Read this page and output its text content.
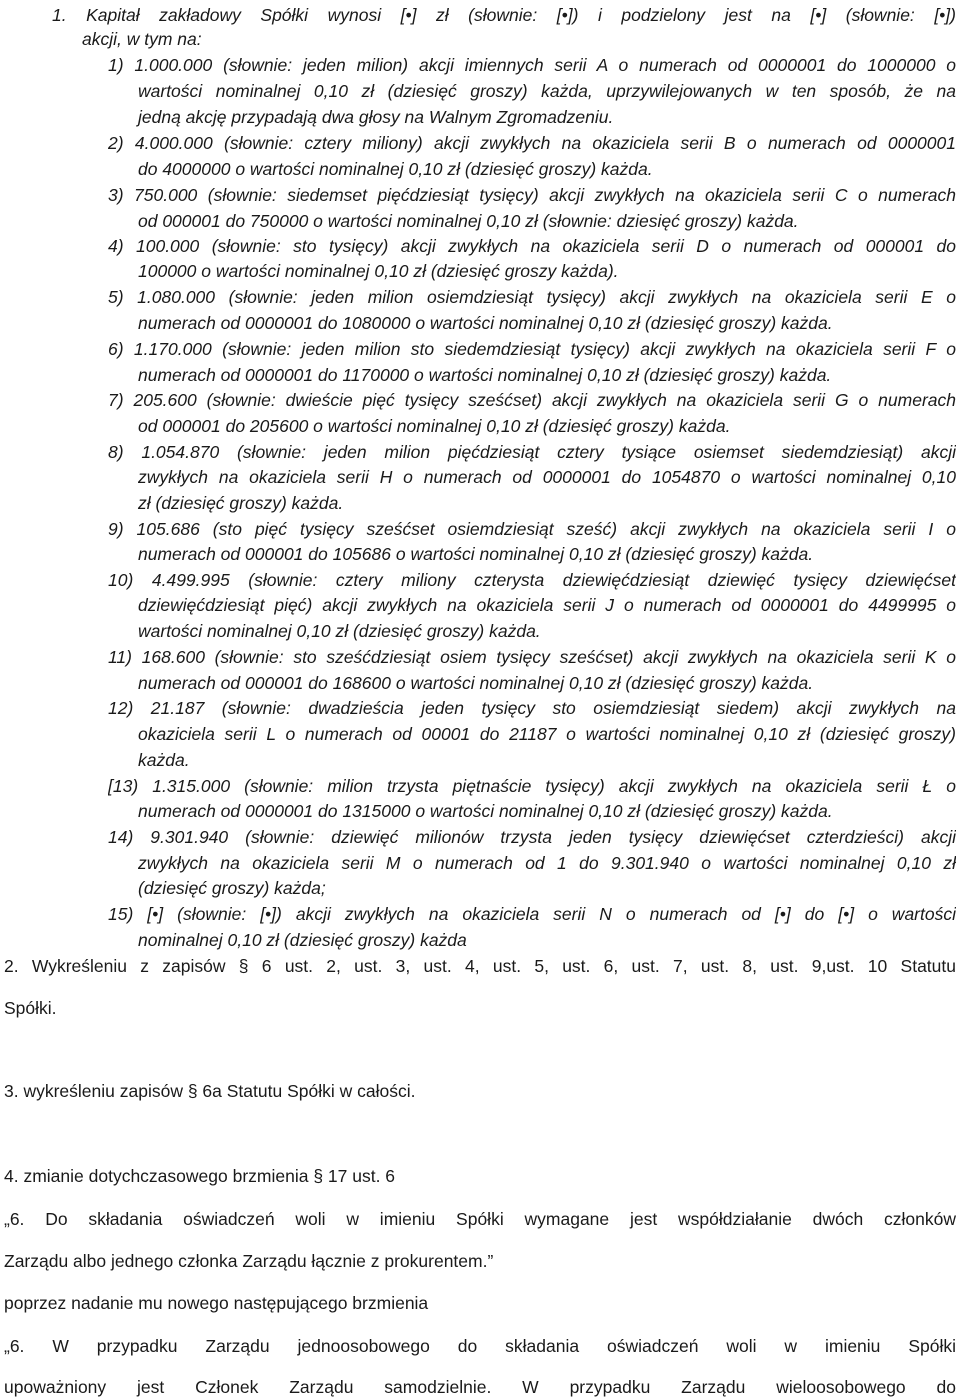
1. Kapitał zakładowy Spółki wynosi [•] zł (słownie: [•]) i podzielony jest na [•] (słownie: [•])
akcji, w tym na:
1) 1.000.000 (słownie: jeden milion) akcji imiennych serii A o numerach od 0000001 do 1000000 o
wartości nominalnej 0,10 zł (dziesięć groszy) każda, uprzywilejowanych w ten sposób, że na
jedną akcję przypadają dwa głosy na Walnym Zgromadzeniu.
2) 4.000.000 (słownie: cztery miliony) akcji zwykłych na okaziciela serii B o numerach od 0000001
do 4000000 o wartości nominalnej 0,10 zł (dziesięć groszy) każda.
3) 750.000 (słownie: siedemset pięćdziesiąt tysięcy) akcji zwykłych na okaziciela serii C o numerach
od 000001 do 750000 o wartości nominalnej 0,10 zł (słownie: dziesięć groszy) każda.
4) 100.000 (słownie: sto tysięcy) akcji zwykłych na okaziciela serii D o numerach od 000001 do
100000 o wartości nominalnej 0,10 zł (dziesięć groszy każda).
5) 1.080.000 (słownie: jeden milion osiemdziesiąt tysięcy) akcji zwykłych na okaziciela serii E o
numerach od 0000001 do 1080000 o wartości nominalnej 0,10 zł (dziesięć groszy) każda.
6) 1.170.000 (słownie: jeden milion sto siedemdziesiąt tysięcy) akcji zwykłych na okaziciela serii F o
numerach od 0000001 do 1170000 o wartości nominalnej 0,10 zł (dziesięć groszy) każda.
7) 205.600 (słownie: dwieście pięć tysięcy sześćset) akcji zwykłych na okaziciela serii G o numerach
od 000001 do 205600 o wartości nominalnej 0,10 zł (dziesięć groszy) każda.
8) 1.054.870 (słownie: jeden milion pięćdziesiąt cztery tysiące osiemset siedemdziesiąt) akcji
zwykłych na okaziciela serii H o numerach od 0000001 do 1054870 o wartości nominalnej 0,10
zł (dziesięć groszy) każda.
9) 105.686 (sto pięć tysięcy sześćset osiemdziesiąt sześć) akcji zwykłych na okaziciela serii I o
numerach od 000001 do 105686 o wartości nominalnej 0,10 zł (dziesięć groszy) każda.
10) 4.499.995 (słownie: cztery miliony czterysta dziewięćdziesiąt dziewięć tysięcy dziewięćset
dziewięćdziesiąt pięć) akcji zwykłych na okaziciela serii J o numerach od 0000001 do 4499995 o
wartości nominalnej 0,10 zł (dziesięć groszy) każda.
11) 168.600 (słownie: sto sześćdziesiąt osiem tysięcy sześćset) akcji zwykłych na okaziciela serii K o
numerach od 000001 do 168600 o wartości nominalnej 0,10 zł (dziesięć groszy) każda.
12) 21.187 (słownie: dwadzieścia jeden tysięcy sto osiemdziesiąt siedem) akcji zwykłych na
okaziciela serii L o numerach od 00001 do 21187 o wartości nominalnej 0,10 zł (dziesięć groszy)
każda.
[13) 1.315.000 (słownie: milion trzysta piętnaście tysięcy) akcji zwykłych na okaziciela serii Ł o
numerach od 0000001 do 1315000 o wartości nominalnej 0,10 zł (dziesięć groszy) każda.
14) 9.301.940 (słownie: dziewięć milionów trzysta jeden tysięcy dziewięćset czterdzieści) akcji
zwykłych na okaziciela serii M o numerach od 1 do 9.301.940 o wartości nominalnej 0,10 zł
(dziesięć groszy) każda;
15) [•] (słownie: [•]) akcji zwykłych na okaziciela serii N o numerach od [•] do [•] o wartości
nominalnej 0,10 zł (dziesięć groszy) każda
2. Wykreśleniu z zapisów § 6 ust. 2, ust. 3, ust. 4, ust. 5, ust. 6, ust. 7, ust. 8, ust. 9,ust. 10 Statutu
Spółki.
3. wykreśleniu zapisów § 6a Statutu Spółki w całości.
4. zmianie dotychczasowego brzmienia § 17 ust. 6
„6. Do składania oświadczeń woli w imieniu Spółki wymagane jest współdziałanie dwóch członków
Zarządu albo jednego członka Zarządu łącznie z prokurentem.”
poprzez nadanie mu nowego następującego brzmienia
„6. W przypadku Zarządu jednoosobowego do składania oświadczeń woli w imieniu Spółki
upoważniony jest Członek Zarządu samodzielnie. W przypadku Zarządu wieloosobowego do
